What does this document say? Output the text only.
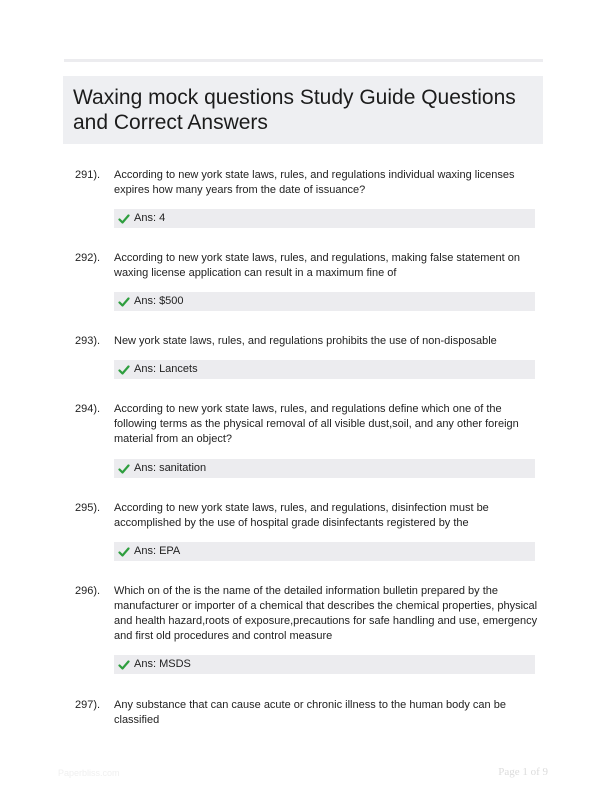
Waxing mock questions Study Guide Questions and Correct Answers
291). According to new york state laws, rules, and regulations individual waxing licenses expires how many years from the date of issuance?

Ans: 4
292). According to new york state laws, rules, and regulations, making false statement on waxing license application can result in a maximum fine of

Ans: $500
293). New york state laws, rules, and regulations prohibits the use of non-disposable

Ans: Lancets
294). According to new york state laws, rules, and regulations define which one of the following terms as the physical removal of all visible dust,soil, and any other foreign material from an object?

Ans: sanitation
295). According to new york state laws, rules, and regulations, disinfection must be accomplished by the use of hospital grade disinfectants registered by the

Ans: EPA
296). Which on of the is the name of the detailed information bulletin prepared by the manufacturer or importer of a chemical that describes the chemical properties, physical and health hazard,roots of exposure,precautions for safe handling and use, emergency and first old procedures and control measure

Ans: MSDS
297). Any substance that can cause acute or chronic illness to the human body can be classified

Paperbliss.com	Page 1 of 9
